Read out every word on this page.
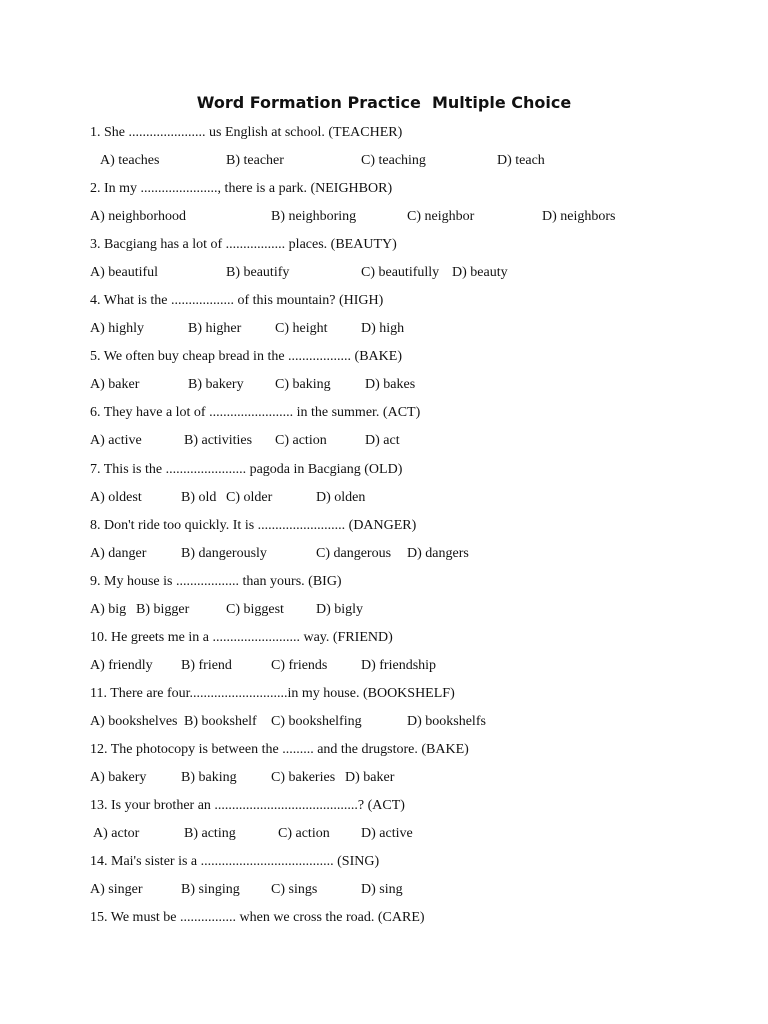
Word Formation Practice  Multiple Choice
1. She ...................... us English at school. (TEACHER)
A) teaches	B) teacher	C) teaching	D) teach
2. In my ......................, there is a park. (NEIGHBOR)
A) neighborhood	B) neighboring	C) neighbor	D) neighbors
3. Bacgiang has a lot of ................. places. (BEAUTY)
A) beautiful	B) beautify	C) beautifully D) beauty
4. What is the .................. of this mountain? (HIGH)
A) highly	B) higher C) height D) high
5. We often buy cheap bread in the .................. (BAKE)
A) baker	B) bakery C) baking D) bakes
6. They have a lot of ........................ in the summer. (ACT)
A) active	B) activities C) action	D) act
7. This is the ....................... pagoda in Bacgiang (OLD)
A) oldest	B) old C) older	D) olden
8. Don't ride too quickly. It is ......................... (DANGER)
A) danger B) dangerously	C) dangerous D) dangers
9. My house is .................. than yours. (BIG)
A) big B) bigger	C) biggest D) bigly
10. He greets me in a ......................... way. (FRIEND)
A) friendly B) friend	C) friends D) friendship
11. There are four............................in my house. (BOOKSHELF)
A) bookshelves B) bookshelf C) bookshelfing	D) bookshelfs
12. The photocopy is between the ......... and the drugstore. (BAKE)
A) bakery B) baking C) bakeries D) baker
13. Is your brother an .........................................? (ACT)
A) actor	B) acting	C) action D) active
14. Mai's sister is a ...................................... (SING)
A) singer	B) singing C) sings	D) sing
15. We must be ................ when we cross the road. (CARE)
